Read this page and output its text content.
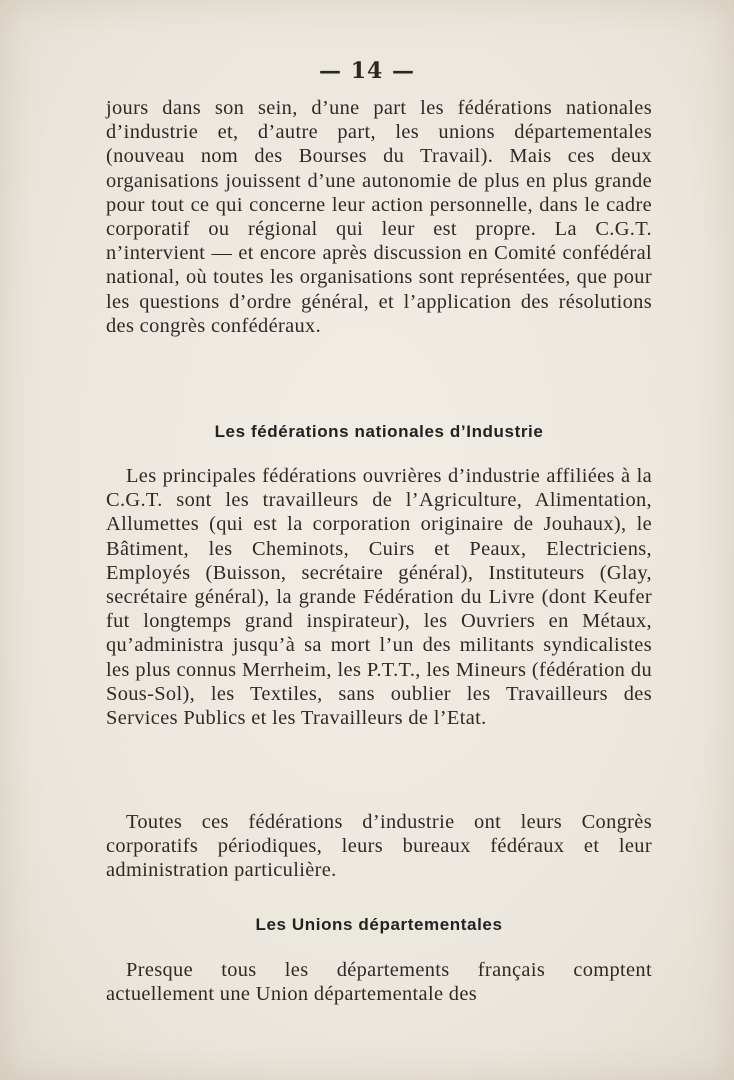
— 14 —

jours dans son sein, d’une part les fédérations nationales d’industrie et, d’autre part, les unions départementales (nouveau nom des Bourses du Travail). Mais ces deux organisations jouissent d’une autonomie de plus en plus grande pour tout ce qui concerne leur action personnelle, dans le cadre corporatif ou régional qui leur est propre. La C.G.T. n’intervient — et encore après discussion en Comité confédéral national, où toutes les organisations sont représentées, que pour les questions d’ordre général, et l’application des résolutions des congrès confédéraux.

Les fédérations nationales d’Industrie

Les principales fédérations ouvrières d’industrie affiliées à la C.G.T. sont les travailleurs de l’Agriculture, Alimentation, Allumettes (qui est la corporation originaire de Jouhaux), le Bâtiment, les Cheminots, Cuirs et Peaux, Electriciens, Employés (Buisson, secrétaire général), Instituteurs (Glay, secrétaire général), la grande Fédération du Livre (dont Keufer fut longtemps grand inspirateur), les Ouvriers en Métaux, qu’administra jusqu’à sa mort l’un des militants syndicalistes les plus connus Merrheim, les P.T.T., les Mineurs (fédération du Sous-Sol), les Textiles, sans oublier les Travailleurs des Services Publics et les Travailleurs de l’Etat.

Toutes ces fédérations d’industrie ont leurs Congrès corporatifs périodiques, leurs bureaux fédéraux et leur administration particulière.

Les Unions départementales

Presque tous les départements français comptent actuellement une Union départementale des
